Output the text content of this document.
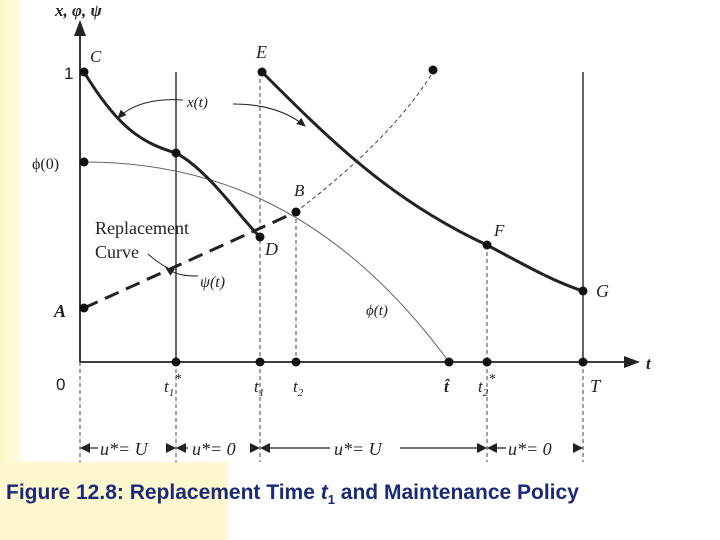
x, φ, ψ
t
0
1
ϕ(0)
C	E
B
D
F
G
A
x(t)
ψ(t)
ϕ(t)
Replacement
Curve
$t_1^*$	$t_1$ $t_2$	t̂ $t_2^*$	T
u*= U u*= 0	u*= U	u*= 0
Figure 12.8: Replacement Time $t_1$ and Maintenance Policy
